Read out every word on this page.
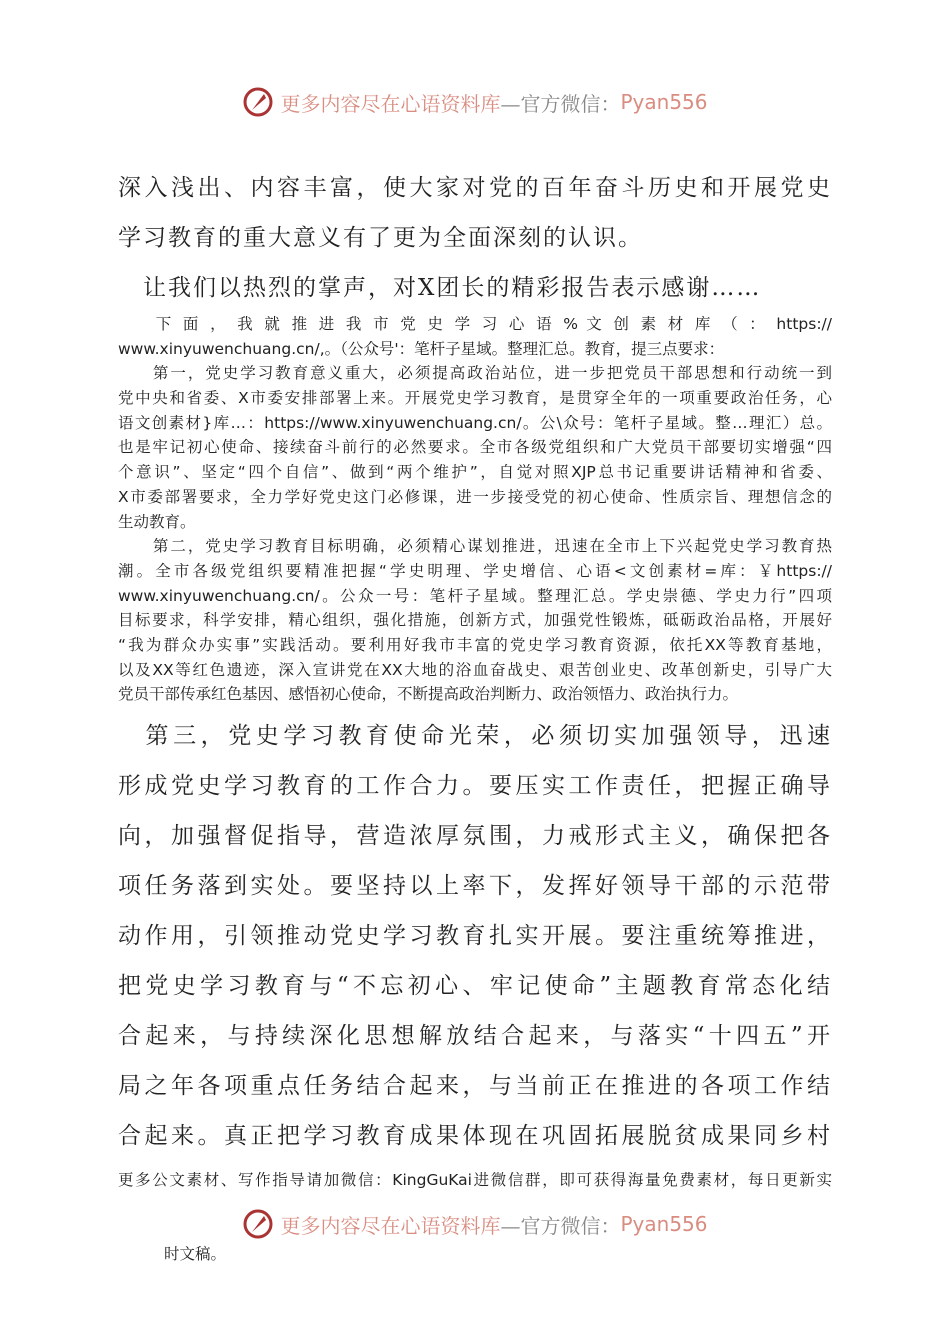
更多内容尽在心语资料库 —官方微信： Pyan556
深入浅出、内容丰富，使大家对党的百年奋斗历史和开展党史
学习教育的重大意义有了更为全面深刻的认识。
　让我们以热烈的掌声，对X团长的精彩报告表示感谢……
　　下 面 ， 我 就 推 进 我 市 党 史 学 习 心 语 % 文 创 素 材 库 （ ： https://
www.xinyuwenchuang.cn/,。（公众号'：笔杆子星域。整理汇总。教育，提三点要求：
　　第一，党史学习教育意义重大，必须提高政治站位，进一步把党员干部思想和行动统一到
党中央和省委、X市委安排部署上来。开展党史学习教育，是贯穿全年的一项重要政治任务，心
语文创素材}库…：https://www.xinyuwenchuang.cn/。公\众号：笔杆子星域。整…理汇）总。
也是牢记初心使命、接续奋斗前行的必然要求。全市各级党组织和广大党员干部要切实增强“四
个意识”、坚定“四个自信”、做到“两个维护”，自觉对照XJP总书记重要讲话精神和省委、
X市委部署要求，全力学好党史这门必修课，进一步接受党的初心使命、性质宗旨、理想信念的
生动教育。
　　第二，党史学习教育目标明确，必须精心谋划推进，迅速在全市上下兴起党史学习教育热
潮。全市各级党组织要精准把握“学史明理、学史增信、心语<文创素材=库：￥https://
www.xinyuwenchuang.cn/。公众一号：笔杆子星域。整理汇总。学史崇德、学史力行”四项
目标要求，科学安排，精心组织，强化措施，创新方式，加强党性锻炼，砥砺政治品格，开展好
“我为群众办实事”实践活动。要利用好我市丰富的党史学习教育资源，依托XX等教育基地，
以及XX等红色遗迹，深入宣讲党在XX大地的浴血奋战史、艰苦创业史、改革创新史，引导广大
党员干部传承红色基因、感悟初心使命，不断提高政治判断力、政治领悟力、政治执行力。
　第三，党史学习教育使命光荣，必须切实加强领导，迅速
形成党史学习教育的工作合力。要压实工作责任，把握正确导
向，加强督促指导，营造浓厚氛围，力戒形式主义，确保把各
项任务落到实处。要坚持以上率下，发挥好领导干部的示范带
动作用，引领推动党史学习教育扎实开展。要注重统筹推进，
把党史学习教育与“不忘初心、牢记使命”主题教育常态化结
合起来，与持续深化思想解放结合起来，与落实“十四五”开
局之年各项重点任务结合起来，与当前正在推进的各项工作结
合起来。真正把学习教育成果体现在巩固拓展脱贫成果同乡村
更多公文素材、写作指导请加微信：KingGuKai进微信群，即可获得海量免费素材，每日更新实
更多内容尽在心语资料库 —官方微信： Pyan556
时文稿。
